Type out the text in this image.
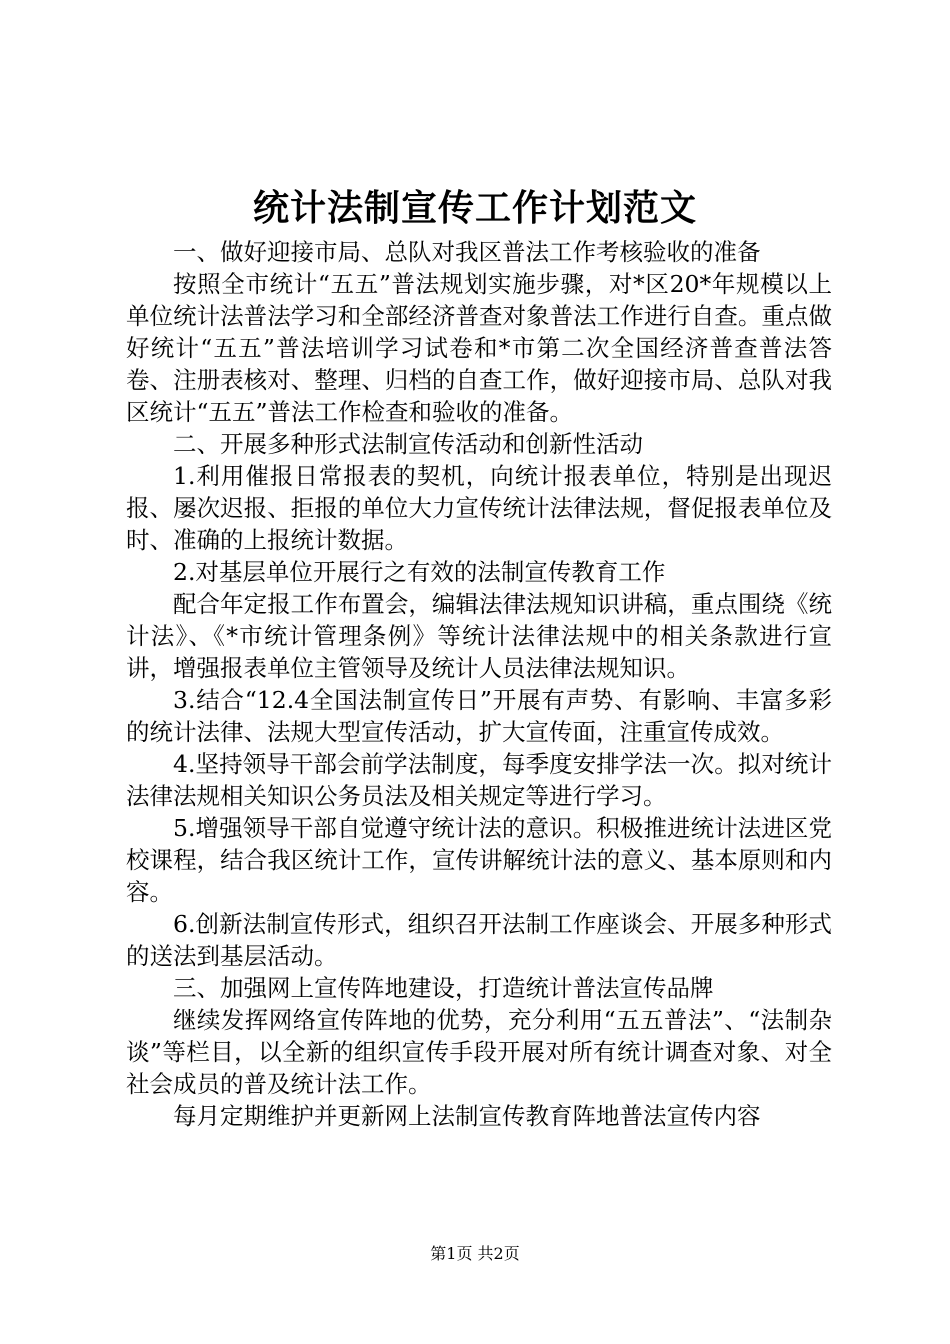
统计法制宣传工作计划范文

一、做好迎接市局、总队对我区普法工作考核验收的准备

按照全市统计“五五”普法规划实施步骤，对*区20*年规模以上单位统计法普法学习和全部经济普查对象普法工作进行自查。重点做好统计“五五”普法培训学习试卷和*市第二次全国经济普查普法答卷、注册表核对、整理、归档的自查工作，做好迎接市局、总队对我区统计“五五”普法工作检查和验收的准备。

二、开展多种形式法制宣传活动和创新性活动

1.利用催报日常报表的契机，向统计报表单位，特别是出现迟报、屡次迟报、拒报的单位大力宣传统计法律法规，督促报表单位及时、准确的上报统计数据。

2.对基层单位开展行之有效的法制宣传教育工作

配合年定报工作布置会，编辑法律法规知识讲稿，重点围绕《统计法》、《*市统计管理条例》等统计法律法规中的相关条款进行宣讲，增强报表单位主管领导及统计人员法律法规知识。

3.结合“12.4全国法制宣传日”开展有声势、有影响、丰富多彩的统计法律、法规大型宣传活动，扩大宣传面，注重宣传成效。

4.坚持领导干部会前学法制度，每季度安排学法一次。拟对统计法律法规相关知识公务员法及相关规定等进行学习。

5.增强领导干部自觉遵守统计法的意识。积极推进统计法进区党校课程，结合我区统计工作，宣传讲解统计法的意义、基本原则和内容。

6.创新法制宣传形式，组织召开法制工作座谈会、开展多种形式的送法到基层活动。

三、加强网上宣传阵地建设，打造统计普法宣传品牌

继续发挥网络宣传阵地的优势，充分利用“五五普法”、“法制杂谈”等栏目，以全新的组织宣传手段开展对所有统计调查对象、对全社会成员的普及统计法工作。

每月定期维护并更新网上法制宣传教育阵地普法宣传内容

第1页 共2页
